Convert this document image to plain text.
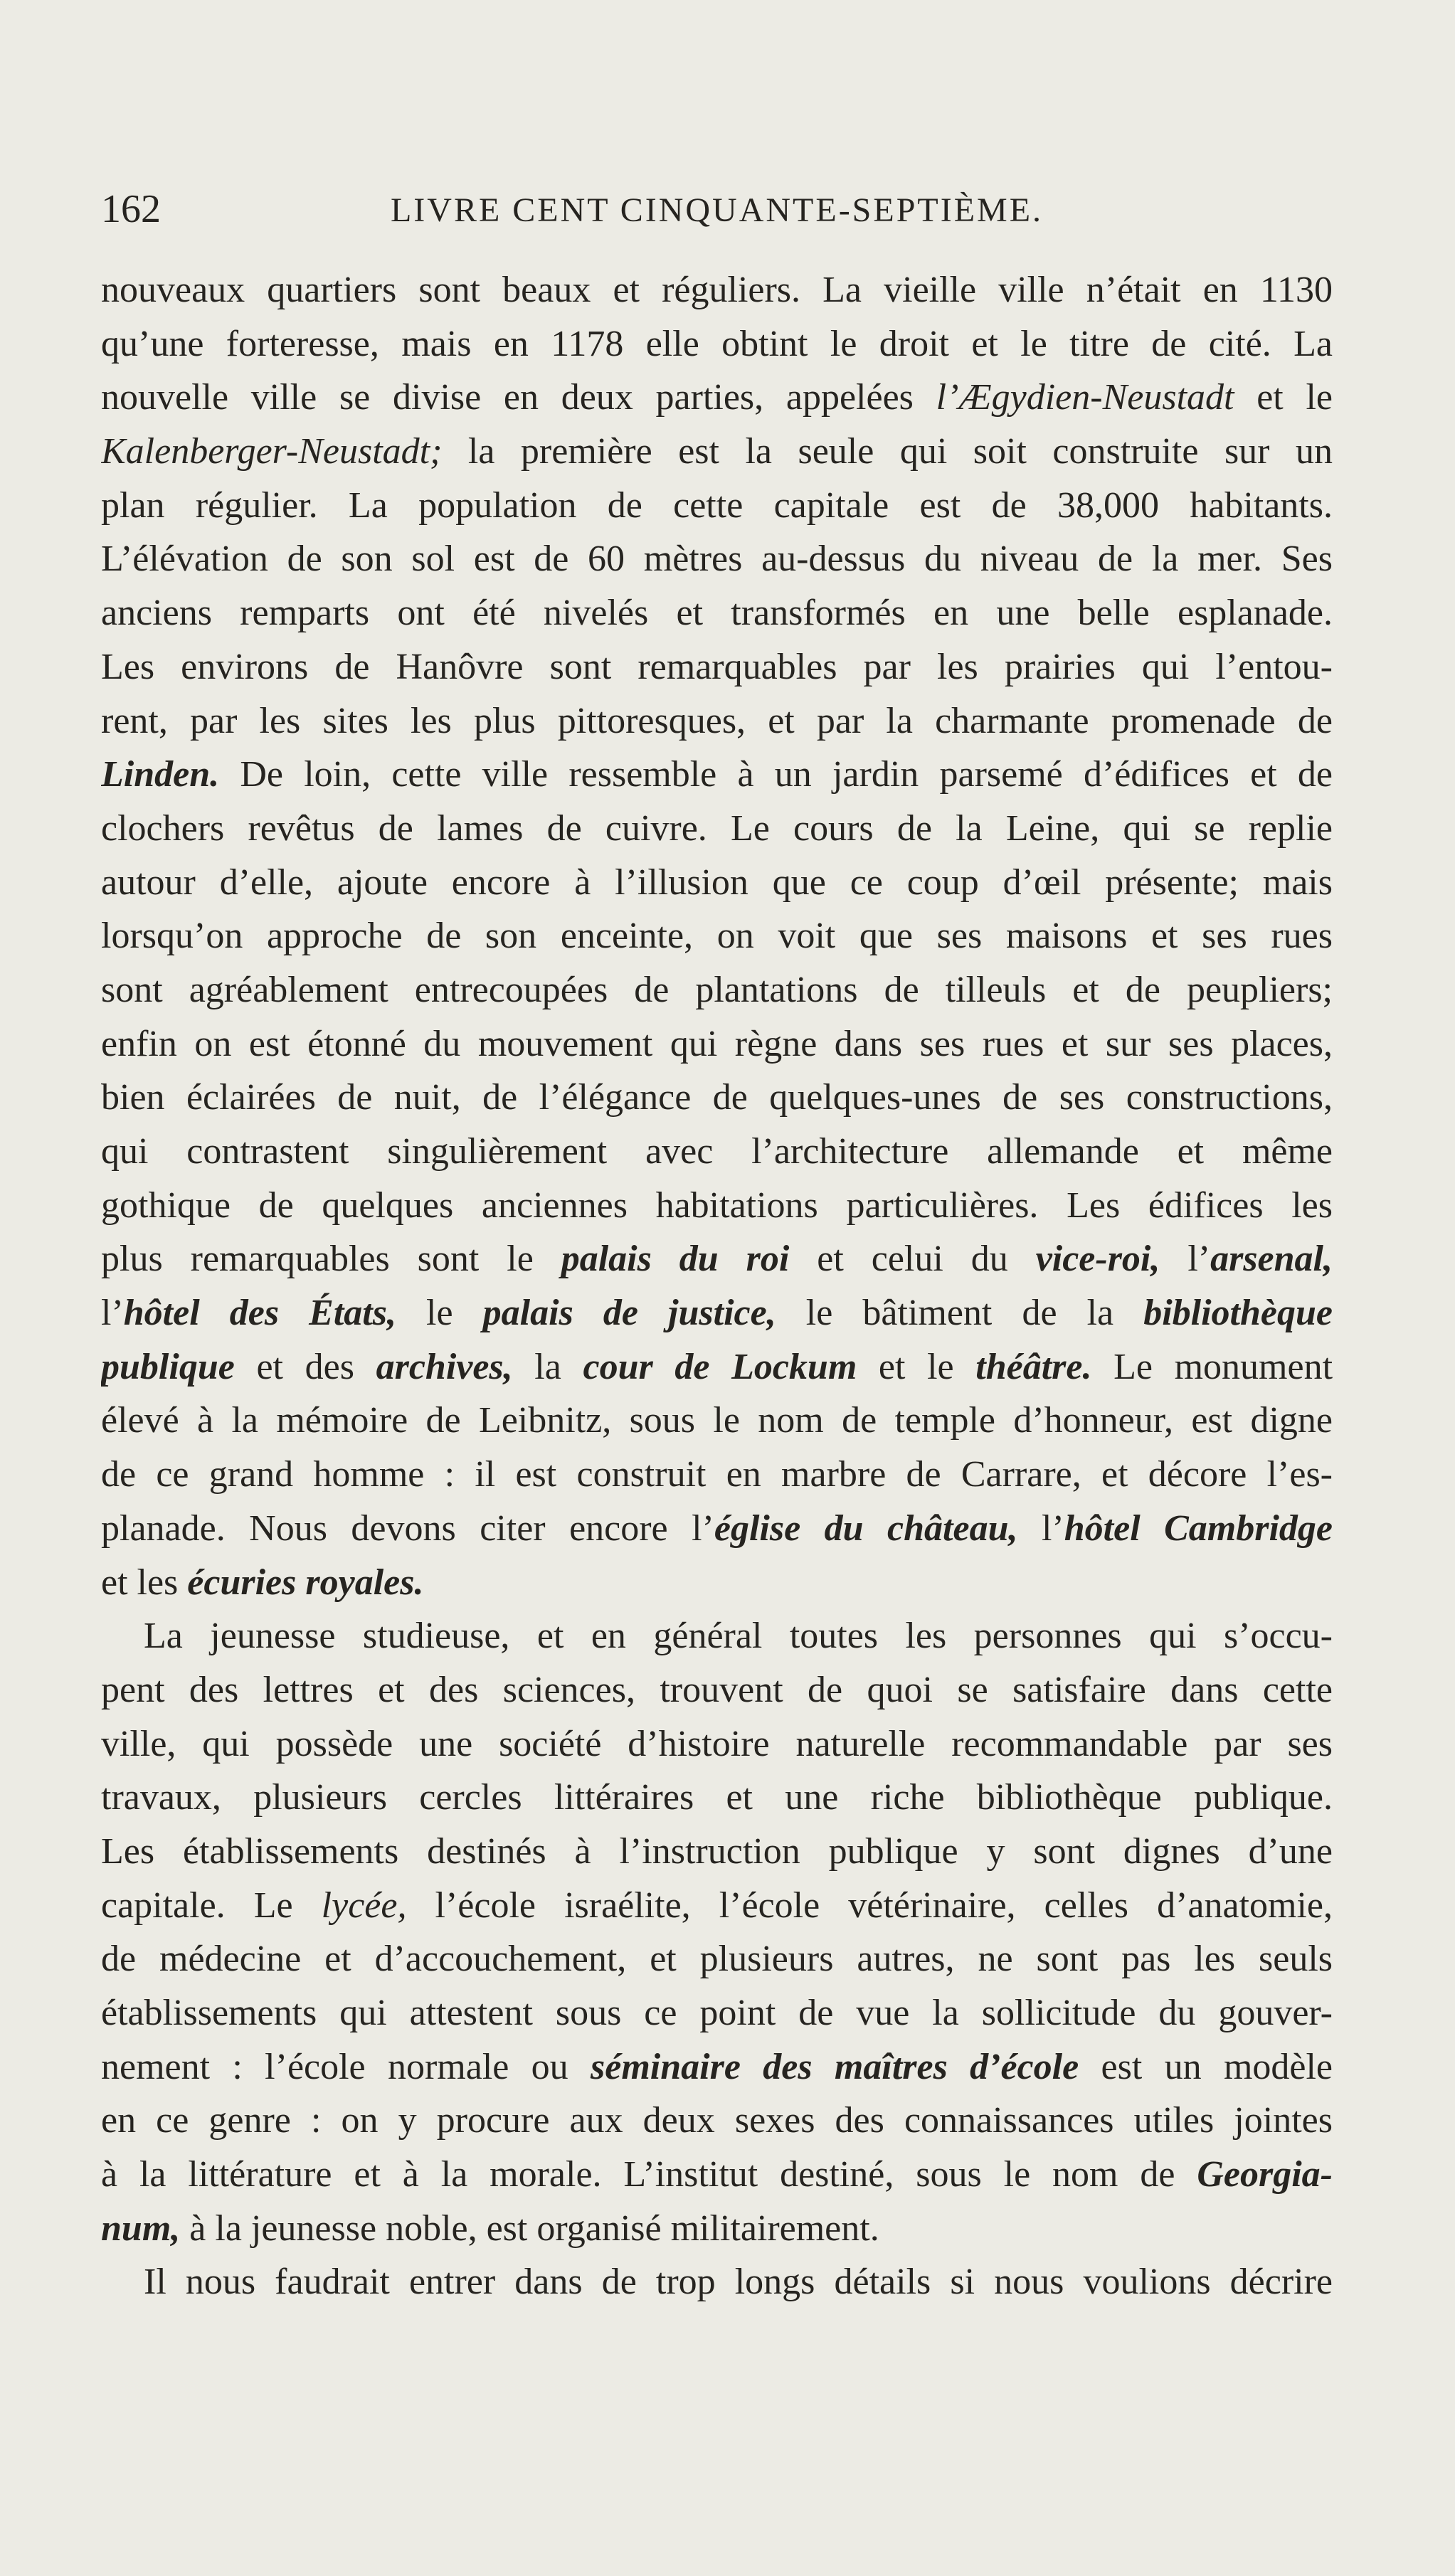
162	LIVRE CENT CINQUANTE-SEPTIÈME.
nouveaux quartiers sont beaux et réguliers. La vieille ville n’était en 1130
qu’une forteresse, mais en 1178 elle obtint le droit et le titre de cité. La
nouvelle ville se divise en deux parties, appelées l’Ægydien-Neustadt et le
Kalenberger-Neustadt; la première est la seule qui soit construite sur un
plan régulier. La population de cette capitale est de 38,000 habitants.
L’élévation de son sol est de 60 mètres au-dessus du niveau de la mer. Ses
anciens remparts ont été nivelés et transformés en une belle esplanade.
Les environs de Hanôvre sont remarquables par les prairies qui l’entou-
rent, par les sites les plus pittoresques, et par la charmante promenade de
Linden. De loin, cette ville ressemble à un jardin parsemé d’édifices et de
clochers revêtus de lames de cuivre. Le cours de la Leine, qui se replie
autour d’elle, ajoute encore à l’illusion que ce coup d’œil présente; mais
lorsqu’on approche de son enceinte, on voit que ses maisons et ses rues
sont agréablement entrecoupées de plantations de tilleuls et de peupliers;
enfin on est étonné du mouvement qui règne dans ses rues et sur ses places,
bien éclairées de nuit, de l’élégance de quelques-unes de ses constructions,
qui contrastent singulièrement avec l’architecture allemande et même
gothique de quelques anciennes habitations particulières. Les édifices les
plus remarquables sont le palais du roi et celui du vice-roi, l’arsenal,
l’hôtel des États, le palais de justice, le bâtiment de la bibliothèque
publique et des archives, la cour de Lockum et le théâtre. Le monument
élevé à la mémoire de Leibnitz, sous le nom de temple d’honneur, est digne
de ce grand homme : il est construit en marbre de Carrare, et décore l’es-
planade. Nous devons citer encore l’église du château, l’hôtel Cambridge
et les écuries royales.
La jeunesse studieuse, et en général toutes les personnes qui s’occu-
pent des lettres et des sciences, trouvent de quoi se satisfaire dans cette
ville, qui possède une société d’histoire naturelle recommandable par ses
travaux, plusieurs cercles littéraires et une riche bibliothèque publique.
Les établissements destinés à l’instruction publique y sont dignes d’une
capitale. Le lycée, l’école israélite, l’école vétérinaire, celles d’anatomie,
de médecine et d’accouchement, et plusieurs autres, ne sont pas les seuls
établissements qui attestent sous ce point de vue la sollicitude du gouver-
nement : l’école normale ou séminaire des maîtres d’école est un modèle
en ce genre : on y procure aux deux sexes des connaissances utiles jointes
à la littérature et à la morale. L’institut destiné, sous le nom de Georgia-
num, à la jeunesse noble, est organisé militairement.
Il nous faudrait entrer dans de trop longs détails si nous voulions décrire
